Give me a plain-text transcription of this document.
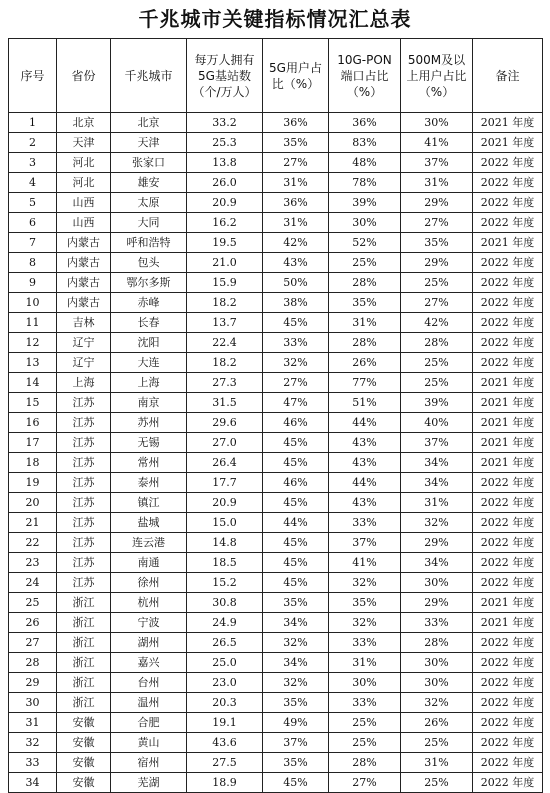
千兆城市关键指标情况汇总表
序号	省份	千兆城市	每万人拥有5G基站数（个/万人）	5G用户占比（%）	10G-PON端口占比（%）	500M及以上用户占比（%）	备注
1	北京	北京	33.2	36%	36%	30%	2021 年度
2	天津	天津	25.3	35%	83%	41%	2021 年度
3	河北	张家口	13.8	27%	48%	37%	2022 年度
4	河北	雄安	26.0	31%	78%	31%	2022 年度
5	山西	太原	20.9	36%	39%	29%	2022 年度
6	山西	大同	16.2	31%	30%	27%	2022 年度
7	内蒙古	呼和浩特	19.5	42%	52%	35%	2021 年度
8	内蒙古	包头	21.0	43%	25%	29%	2022 年度
9	内蒙古	鄂尔多斯	15.9	50%	28%	25%	2022 年度
10	内蒙古	赤峰	18.2	38%	35%	27%	2022 年度
11	吉林	长春	13.7	45%	31%	42%	2022 年度
12	辽宁	沈阳	22.4	33%	28%	28%	2022 年度
13	辽宁	大连	18.2	32%	26%	25%	2022 年度
14	上海	上海	27.3	27%	77%	25%	2021 年度
15	江苏	南京	31.5	47%	51%	39%	2021 年度
16	江苏	苏州	29.6	46%	44%	40%	2021 年度
17	江苏	无锡	27.0	45%	43%	37%	2021 年度
18	江苏	常州	26.4	45%	43%	34%	2021 年度
19	江苏	泰州	17.7	46%	44%	34%	2022 年度
20	江苏	镇江	20.9	45%	43%	31%	2022 年度
21	江苏	盐城	15.0	44%	33%	32%	2022 年度
22	江苏	连云港	14.8	45%	37%	29%	2022 年度
23	江苏	南通	18.5	45%	41%	34%	2022 年度
24	江苏	徐州	15.2	45%	32%	30%	2022 年度
25	浙江	杭州	30.8	35%	35%	29%	2021 年度
26	浙江	宁波	24.9	34%	32%	33%	2021 年度
27	浙江	湖州	26.5	32%	33%	28%	2022 年度
28	浙江	嘉兴	25.0	34%	31%	30%	2022 年度
29	浙江	台州	23.0	32%	30%	30%	2022 年度
30	浙江	温州	20.3	35%	33%	32%	2022 年度
31	安徽	合肥	19.1	49%	25%	26%	2022 年度
32	安徽	黄山	43.6	37%	25%	25%	2022 年度
33	安徽	宿州	27.5	35%	28%	31%	2022 年度
34	安徽	芜湖	18.9	45%	27%	25%	2022 年度
